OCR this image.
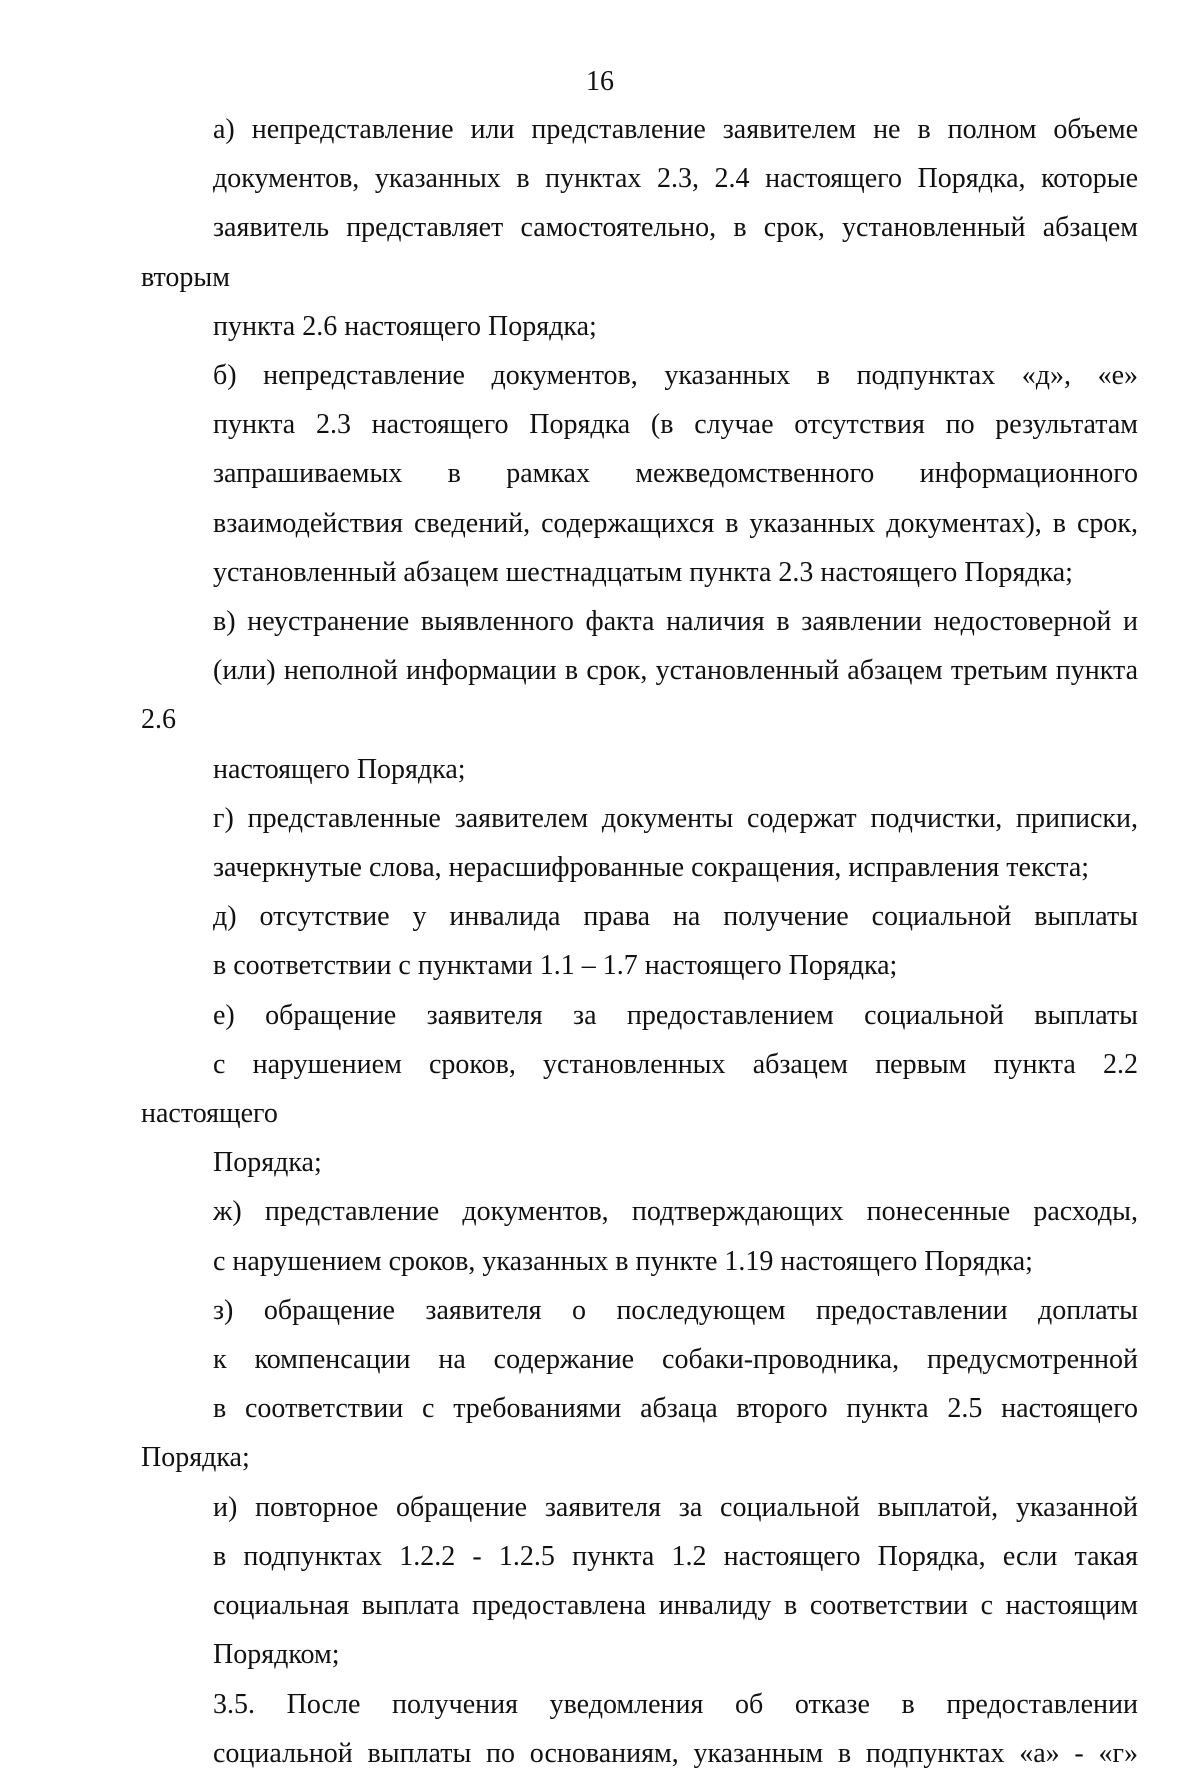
16
а) непредставление или представление заявителем не в полном объеме
документов, указанных в пунктах 2.3, 2.4 настоящего Порядка, которые
заявитель представляет самостоятельно, в срок, установленный абзацем вторым
пункта 2.6 настоящего Порядка;
б) непредставление документов, указанных в подпунктах «д», «е»
пункта 2.3 настоящего Порядка (в случае отсутствия по результатам
запрашиваемых в рамках межведомственного информационного
взаимодействия сведений, содержащихся в указанных документах), в срок,
установленный абзацем шестнадцатым пункта 2.3 настоящего Порядка;
в) неустранение выявленного факта наличия в заявлении недостоверной и
(или) неполной информации в срок, установленный абзацем третьим пункта 2.6
настоящего Порядка;
г) представленные заявителем документы содержат подчистки, приписки,
зачеркнутые слова, нерасшифрованные сокращения, исправления текста;
д) отсутствие у инвалида права на получение социальной выплаты
в соответствии с пунктами 1.1 – 1.7 настоящего Порядка;
е) обращение заявителя за предоставлением социальной выплаты
с нарушением сроков, установленных абзацем первым пункта 2.2 настоящего
Порядка;
ж) представление документов, подтверждающих понесенные расходы,
с нарушением сроков, указанных в пункте 1.19 настоящего Порядка;
з) обращение заявителя о последующем предоставлении доплаты
к компенсации на содержание собаки-проводника, предусмотренной
в соответствии с требованиями абзаца второго пункта 2.5 настоящего Порядка;
и) повторное обращение заявителя за социальной выплатой, указанной
в подпунктах 1.2.2 - 1.2.5 пункта 1.2 настоящего Порядка, если такая
социальная выплата предоставлена инвалиду в соответствии с настоящим
Порядком;
3.5. После получения уведомления об отказе в предоставлении
социальной выплаты по основаниям, указанным в подпунктах «а» - «г»
